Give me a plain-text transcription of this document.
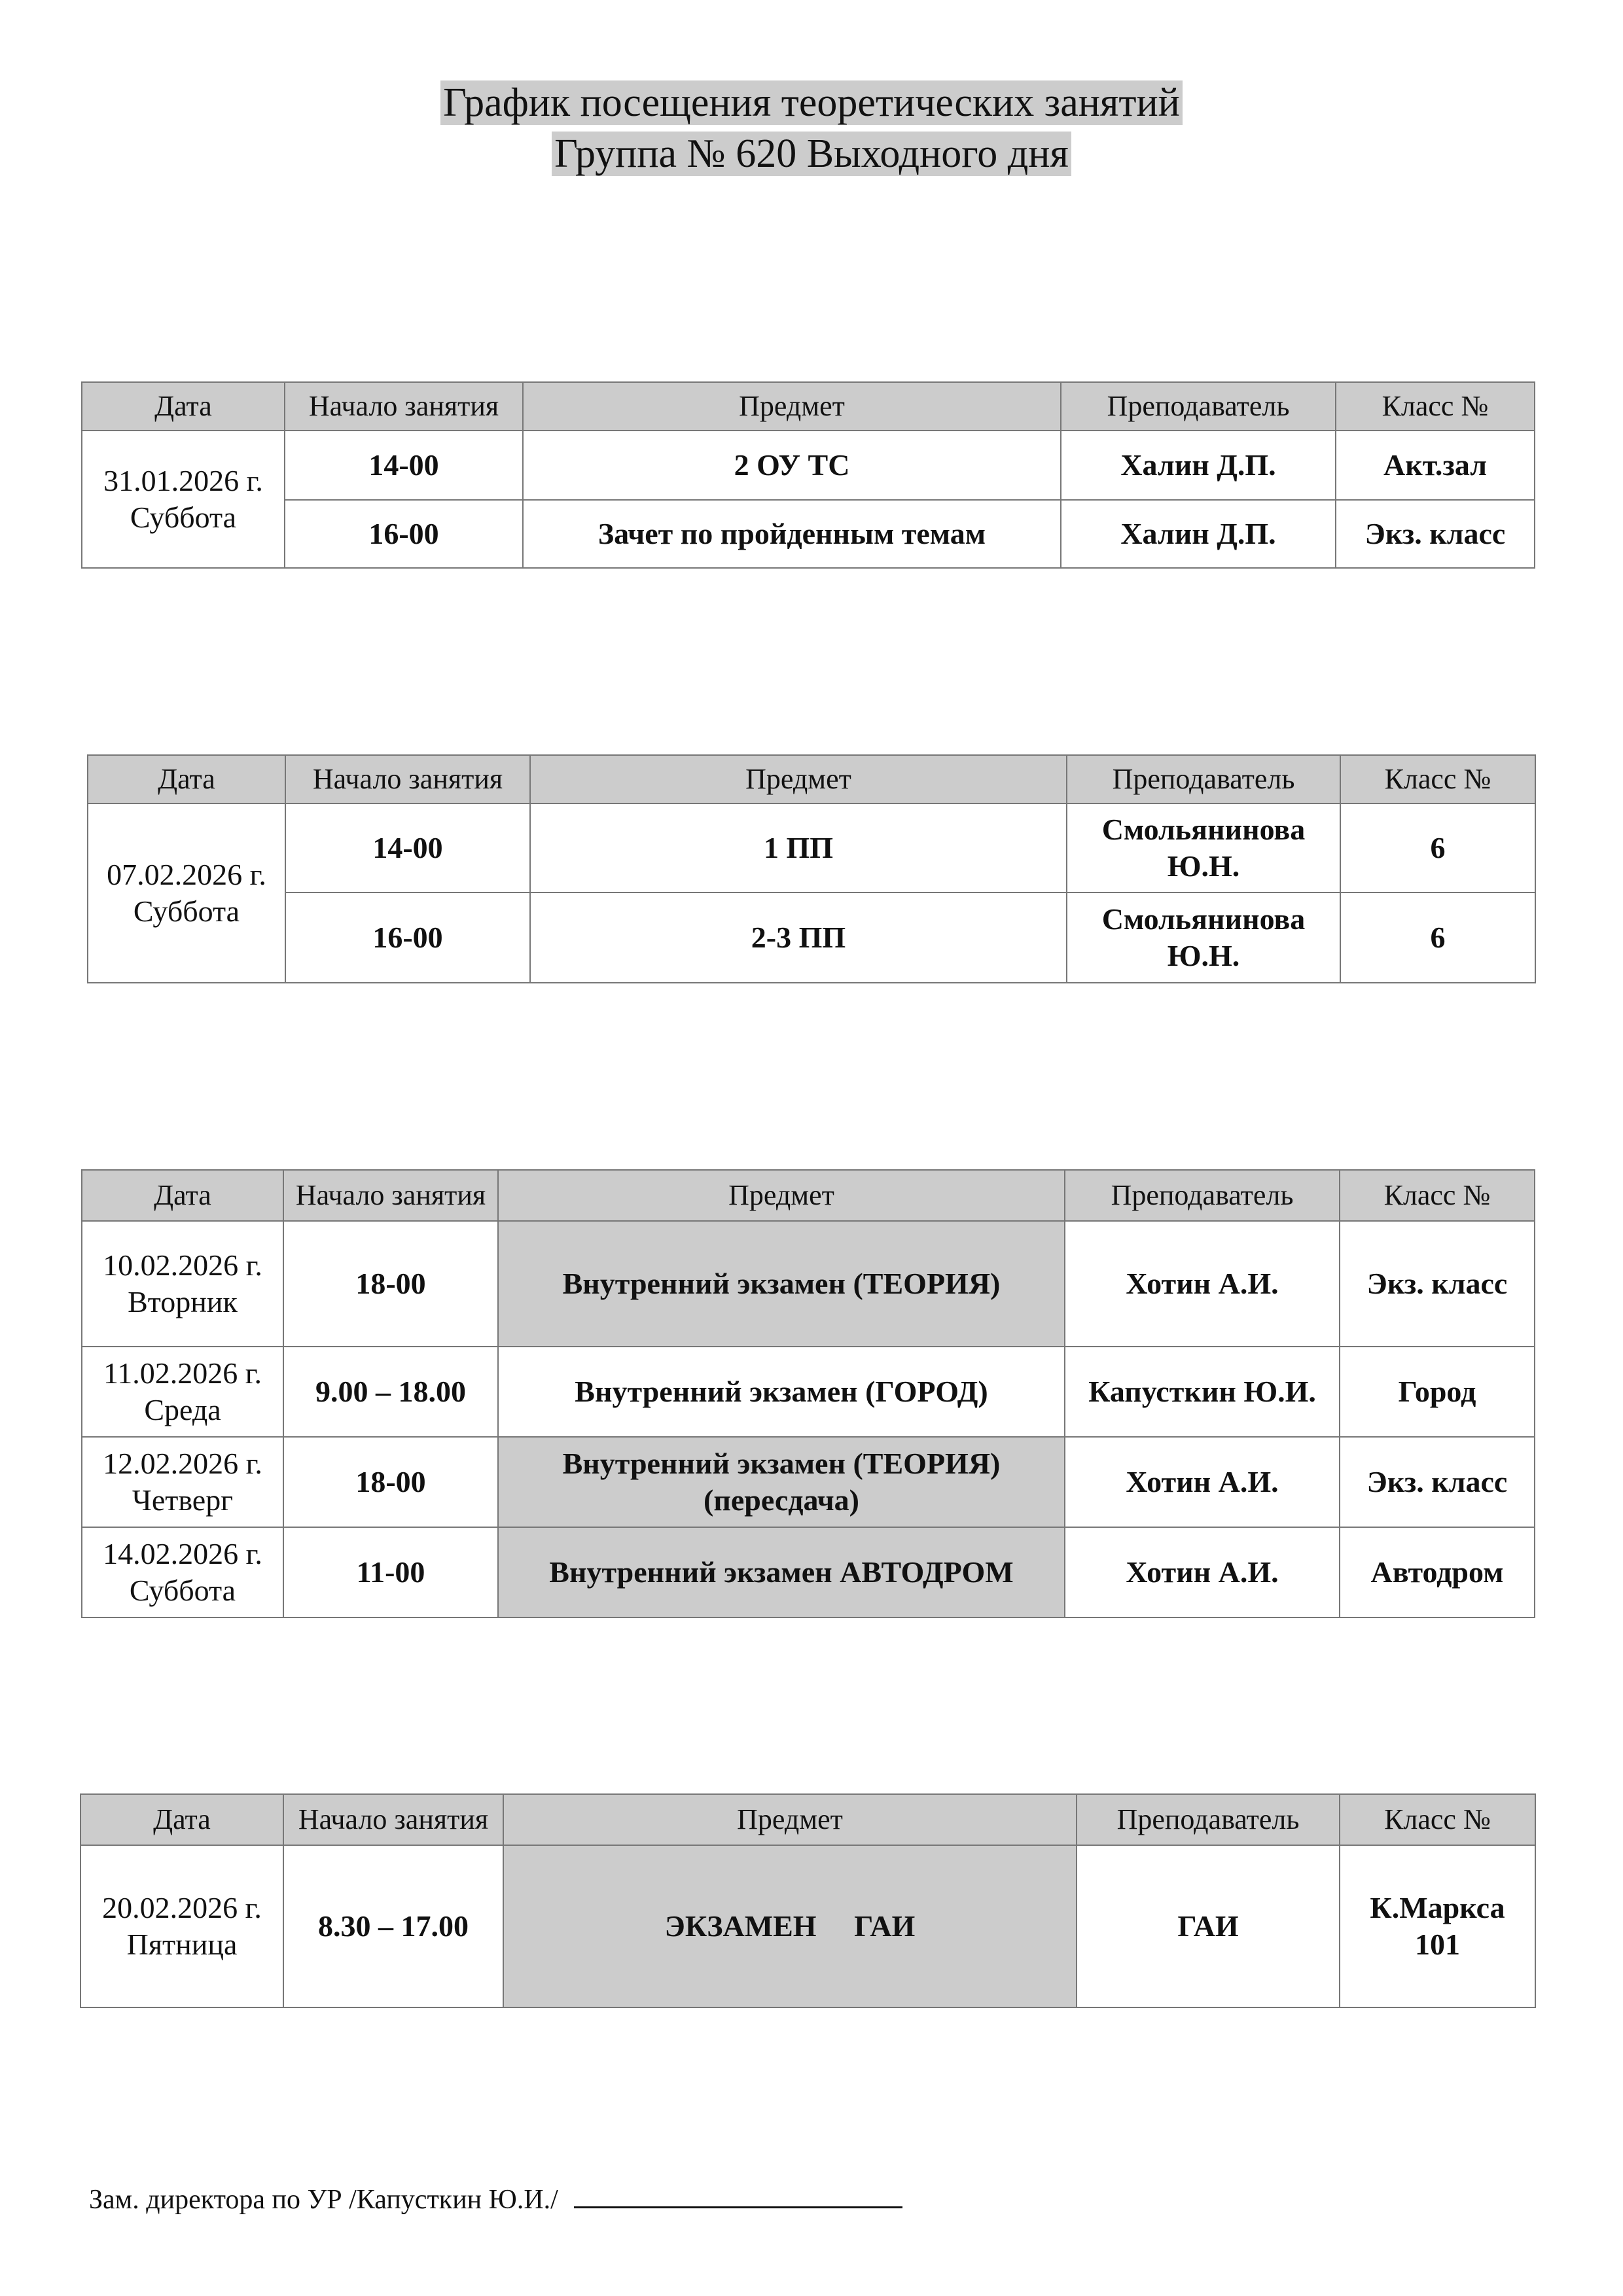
График посещения теоретических занятий
Группа № 620 Выходного дня
Дата	Начало занятия	Предмет	Преподаватель	Класс №
31.01.2026 г.
Суббота	14-00	2 ОУ ТС	Халин Д.П.	Акт.зал
	16-00	Зачет по пройденным темам	Халин Д.П.	Экз. класс
Дата	Начало занятия	Предмет	Преподаватель	Класс №
07.02.2026 г.
Суббота	14-00	1 ПП	Смольянинова
Ю.Н.	6
	16-00	2-3 ПП	Смольянинова
Ю.Н.	6
Дата	Начало занятия	Предмет	Преподаватель	Класс №
10.02.2026 г.
Вторник	18-00	Внутренний экзамен (ТЕОРИЯ)	Хотин А.И.	Экз. класс
11.02.2026 г.
Среда	9.00 – 18.00	Внутренний экзамен (ГОРОД)	Капусткин Ю.И.	Город
12.02.2026 г.
Четверг	18-00	Внутренний экзамен (ТЕОРИЯ)
(пересдача)	Хотин А.И.	Экз. класс
14.02.2026 г.
Суббота	11-00	Внутренний экзамен АВТОДРОМ	Хотин А.И.	Автодром
Дата	Начало занятия	Предмет	Преподаватель	Класс №
20.02.2026 г.
Пятница	8.30 – 17.00	ЭКЗАМЕН     ГАИ	ГАИ	К.Маркса
101
Зам. директора по УР /Капусткин Ю.И./
